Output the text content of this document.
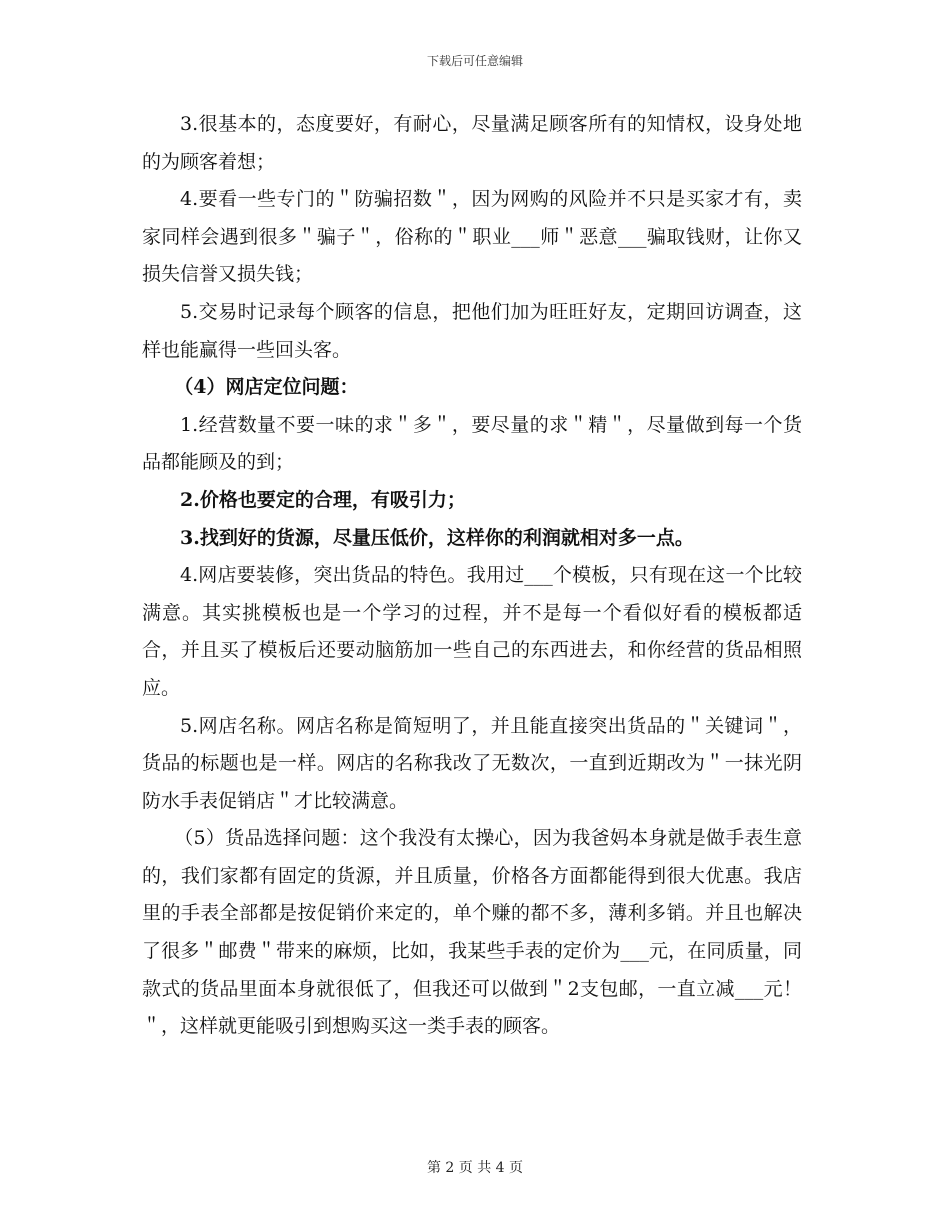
下载后可任意编辑

3.很基本的，态度要好，有耐心，尽量满足顾客所有的知情权，设身处地的为顾客着想；

4.要看一些专门的＂防骗招数＂，因为网购的风险并不只是买家才有，卖家同样会遇到很多＂骗子＂，俗称的＂职业___师＂恶意___骗取钱财，让你又损失信誉又损失钱；

5.交易时记录每个顾客的信息，把他们加为旺旺好友，定期回访调查，这样也能赢得一些回头客。

（4）网店定位问题：

1.经营数量不要一味的求＂多＂，要尽量的求＂精＂，尽量做到每一个货品都能顾及的到；

2.价格也要定的合理，有吸引力；

3.找到好的货源，尽量压低价，这样你的利润就相对多一点。

4.网店要装修，突出货品的特色。我用过___个模板，只有现在这一个比较满意。其实挑模板也是一个学习的过程，并不是每一个看似好看的模板都适合，并且买了模板后还要动脑筋加一些自己的东西进去，和你经营的货品相照应。

5.网店名称。网店名称是简短明了，并且能直接突出货品的＂关键词＂，货品的标题也是一样。网店的名称我改了无数次，一直到近期改为＂一抹光阴防水手表促销店＂才比较满意。

（5）货品选择问题：这个我没有太操心，因为我爸妈本身就是做手表生意的，我们家都有固定的货源，并且质量，价格各方面都能得到很大优惠。我店里的手表全部都是按促销价来定的，单个赚的都不多，薄利多销。并且也解决了很多＂邮费＂带来的麻烦，比如，我某些手表的定价为___元，在同质量，同款式的货品里面本身就很低了，但我还可以做到＂2支包邮，一直立减___元！＂，这样就更能吸引到想购买这一类手表的顾客。

第 2 页 共 4 页
